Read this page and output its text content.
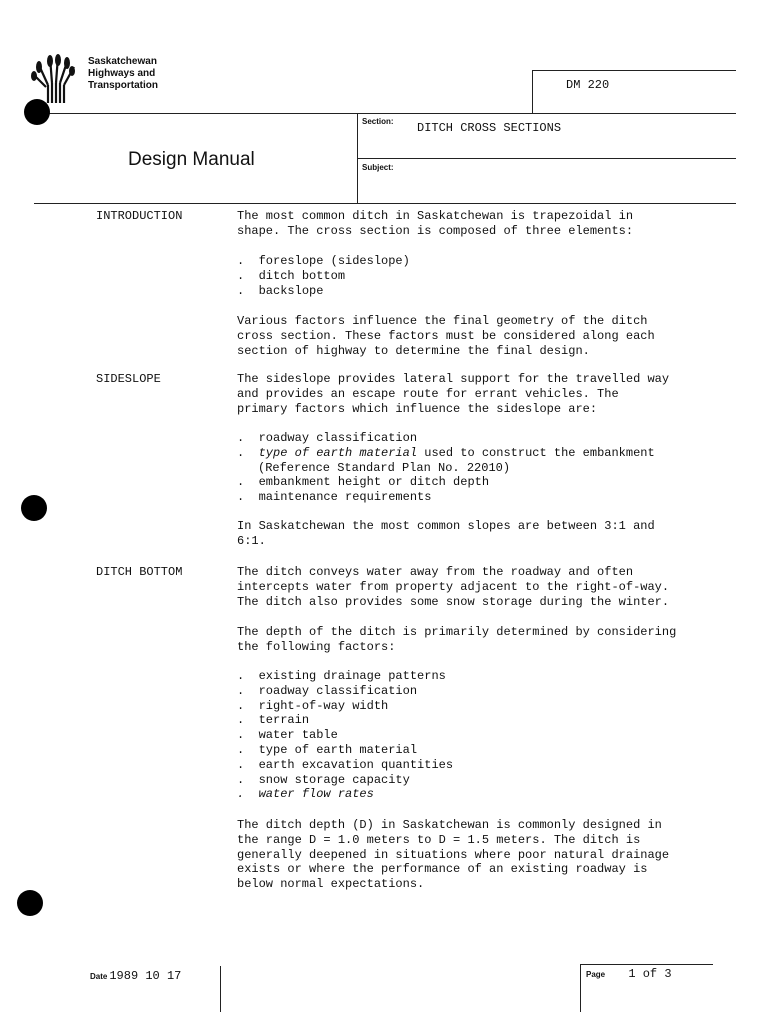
Saskatchewan
Highways and
Transportation	DM 220
Design Manual
Section: DITCH CROSS SECTIONS
Subject:
INTRODUCTION	The most common ditch in Saskatchewan is trapezoidal in

shape. The cross section is composed of three elements:

. foreslope (sideslope)
. ditch bottom
. backslope

Various factors influence the final geometry of the ditch

cross section. These factors must be considered along each

section of highway to determine the final design.

SIDESLOPE	The sideslope provides lateral support for the travelled way

and provides an escape route for errant vehicles. The

primary factors which influence the sideslope are:

. roadway classification
. type of earth material used to construct the embankment
(Reference Standard Plan No. 22010)
. embankment height or ditch depth
. maintenance requirements

In Saskatchewan the most common slopes are between 3:1 and

6:1.

DITCH BOTTOM	The ditch conveys water away from the roadway and often

intercepts water from property adjacent to the right-of-way.

The ditch also provides some snow storage during the winter.

The depth of the ditch is primarily determined by considering

the following factors:

. existing drainage patterns
. roadway classification
. right-of-way width
. terrain
. water table
. type of earth material
. earth excavation quantities
. snow storage capacity
. water flow rates

The ditch depth (D) in Saskatchewan is commonly designed in

the range D = 1.0 meters to D = 1.5 meters. The ditch is

generally deepened in situations where poor natural drainage

exists or where the performance of an existing roadway is

below normal expectations.

Date 1989 10 17	Page 1 of 3
